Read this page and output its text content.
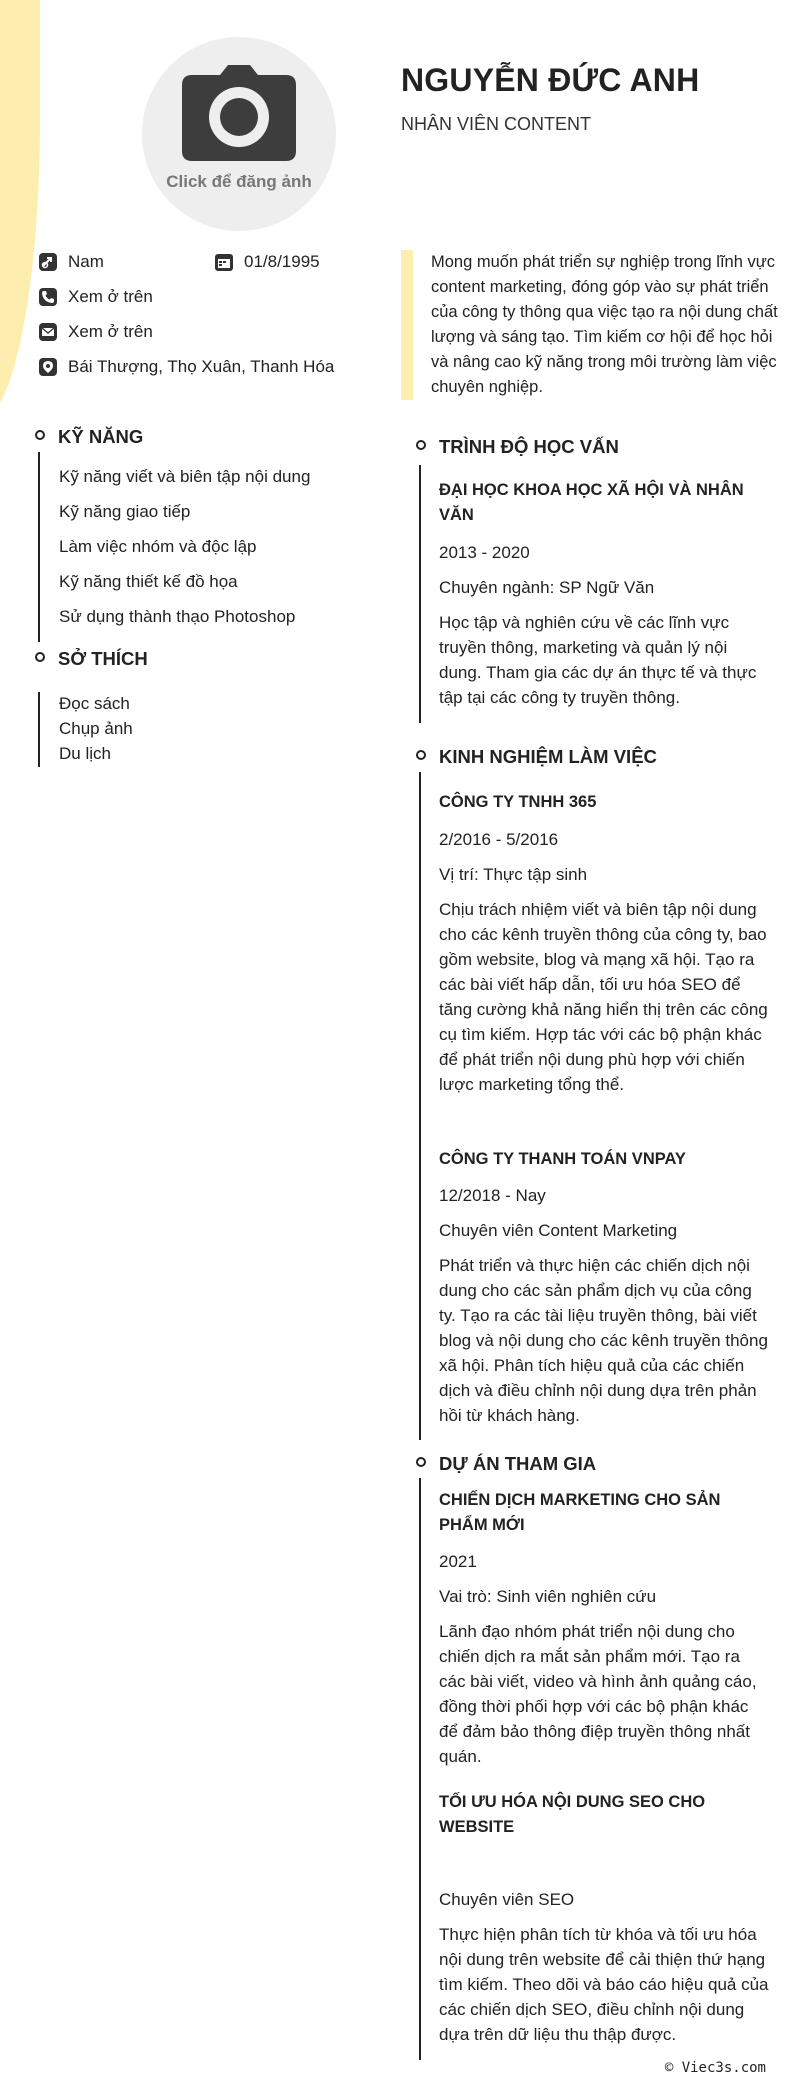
Click để đăng ảnh
NGUYỄN ĐỨC ANH
NHÂN VIÊN CONTENT
Nam	01/8/1995
Xem ở trên
Xem ở trên
Bái Thượng, Thọ Xuân, Thanh Hóa
Mong muốn phát triển sự nghiệp trong lĩnh vực content marketing, đóng góp vào sự phát triển của công ty thông qua việc tạo ra nội dung chất lượng và sáng tạo. Tìm kiếm cơ hội để học hỏi và nâng cao kỹ năng trong môi trường làm việc chuyên nghiệp.
KỸ NĂNG
Kỹ năng viết và biên tập nội dung
Kỹ năng giao tiếp
Làm việc nhóm và độc lập
Kỹ năng thiết kế đồ họa
Sử dụng thành thạo Photoshop
SỞ THÍCH
Đọc sách
Chụp ảnh
Du lịch
TRÌNH ĐỘ HỌC VẤN
ĐẠI HỌC KHOA HỌC XÃ HỘI VÀ NHÂN
VĂN
2013 - 2020
Chuyên ngành: SP Ngữ Văn
Học tập và nghiên cứu về các lĩnh vực truyền thông, marketing và quản lý nội dung. Tham gia các dự án thực tế và thực tập tại các công ty truyền thông.
KINH NGHIỆM LÀM VIỆC
CÔNG TY TNHH 365
2/2016 - 5/2016
Vị trí: Thực tập sinh
Chịu trách nhiệm viết và biên tập nội dung cho các kênh truyền thông của công ty, bao gồm website, blog và mạng xã hội. Tạo ra các bài viết hấp dẫn, tối ưu hóa SEO để tăng cường khả năng hiển thị trên các công cụ tìm kiếm. Hợp tác với các bộ phận khác để phát triển nội dung phù hợp với chiến lược marketing tổng thể.
CÔNG TY THANH TOÁN VNPAY
12/2018 - Nay
Chuyên viên Content Marketing
Phát triển và thực hiện các chiến dịch nội dung cho các sản phẩm dịch vụ của công ty. Tạo ra các tài liệu truyền thông, bài viết blog và nội dung cho các kênh truyền thông xã hội. Phân tích hiệu quả của các chiến dịch và điều chỉnh nội dung dựa trên phản hồi từ khách hàng.
DỰ ÁN THAM GIA
CHIẾN DỊCH MARKETING CHO SẢN
PHẨM MỚI
2021
Vai trò: Sinh viên nghiên cứu
Lãnh đạo nhóm phát triển nội dung cho chiến dịch ra mắt sản phẩm mới. Tạo ra các bài viết, video và hình ảnh quảng cáo, đồng thời phối hợp với các bộ phận khác để đảm bảo thông điệp truyền thông nhất quán.
TỐI ƯU HÓA NỘI DUNG SEO CHO
WEBSITE
Chuyên viên SEO
Thực hiện phân tích từ khóa và tối ưu hóa nội dung trên website để cải thiện thứ hạng tìm kiếm. Theo dõi và báo cáo hiệu quả của các chiến dịch SEO, điều chỉnh nội dung dựa trên dữ liệu thu thập được.
© Viec3s.com
